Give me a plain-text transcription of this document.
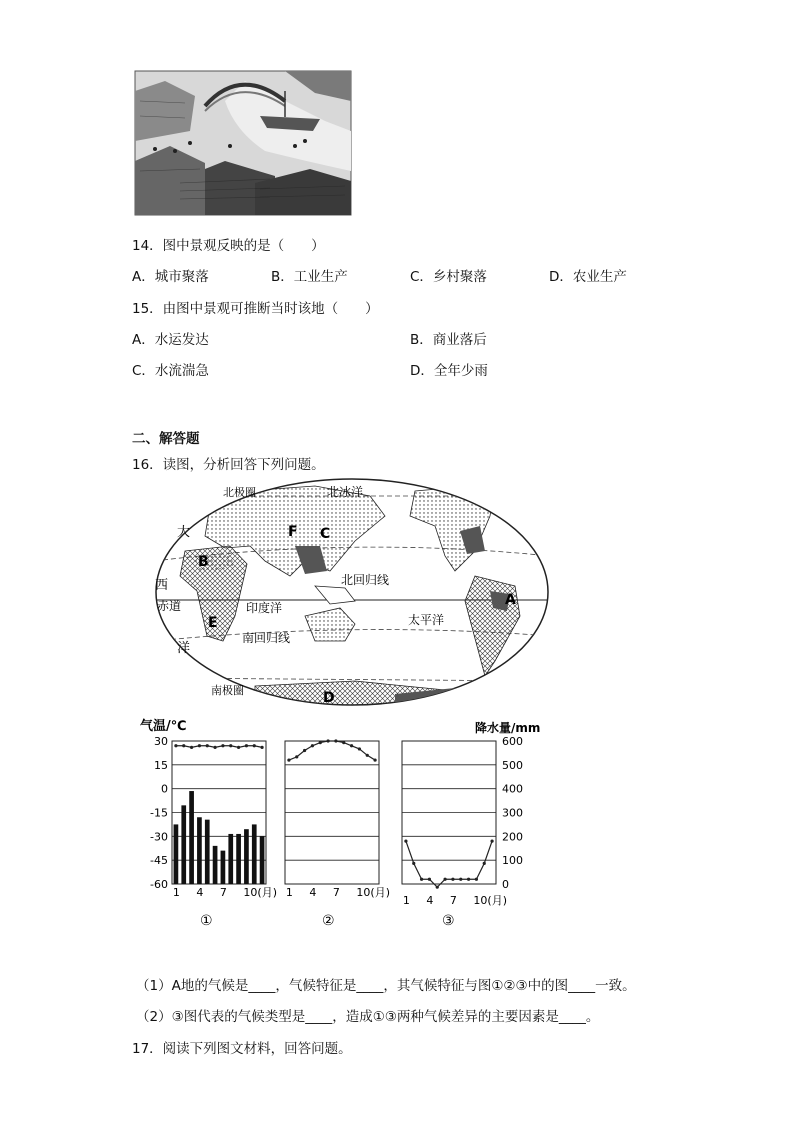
14．图中景观反映的是（　　）
A．城市聚落	B．工业生产	C．乡村聚落	D．农业生产
15．由图中景观可推断当时该地（　　）
A．水运发达	B．商业落后
C．水流湍急	D．全年少雨
二、解答题
16．读图，分析回答下列问题。
北极圈	北冰洋
北回归线
赤道	印度洋
太平洋
南回归线
南极圈
大
西
洋
A
B
C
D
E
F
气温/℃	降水量/mm
30
15
0
-15
-30
-45
-60
600
500
400
300
200
100
0
1 4 7 10(月) 1 4 7 10(月)
1 4 7 10(月)
①	②	③
（1）A地的气候是____，气候特征是____，其气候特征与图①②③中的图____一致。
（2）③图代表的气候类型是____，造成①③两种气候差异的主要因素是____。
17．阅读下列图文材料，回答问题。
